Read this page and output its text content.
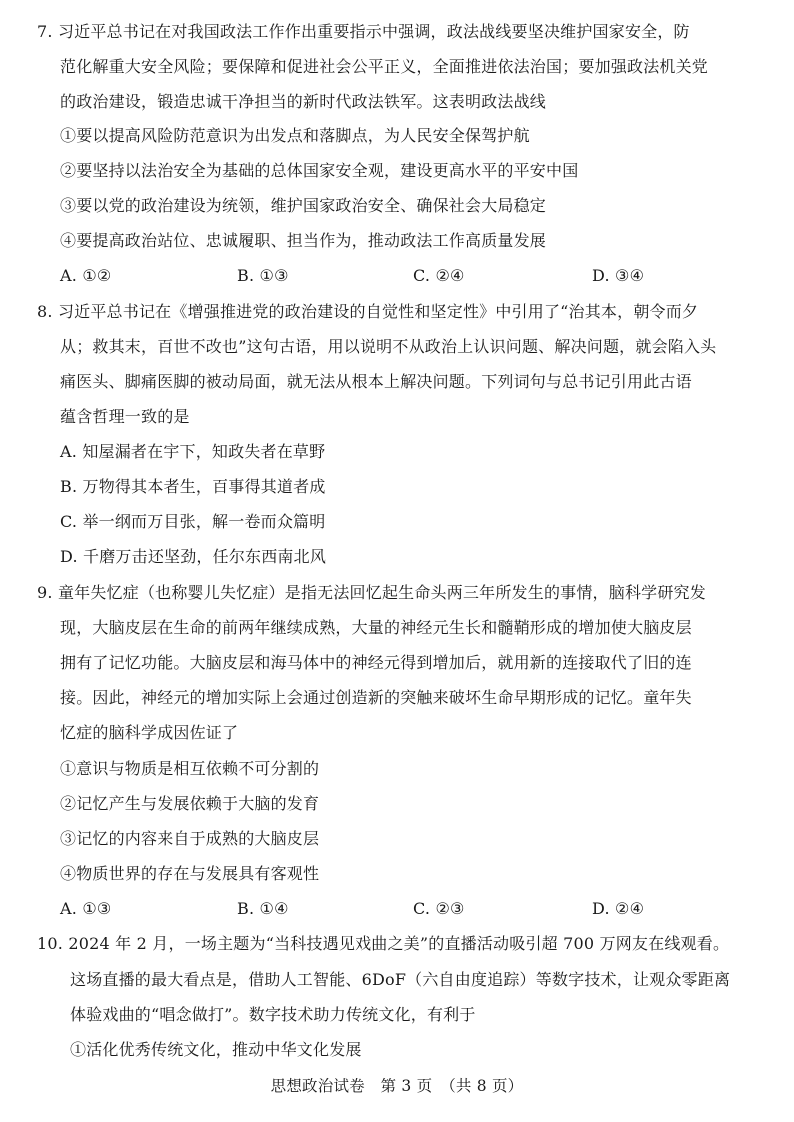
7. 习近平总书记在对我国政法工作作出重要指示中强调，政法战线要坚决维护国家安全，防

范化解重大安全风险；要保障和促进社会公平正义，全面推进依法治国；要加强政法机关党

的政治建设，锻造忠诚干净担当的新时代政法铁军。这表明政法战线

①要以提高风险防范意识为出发点和落脚点，为人民安全保驾护航

②要坚持以法治安全为基础的总体国家安全观，建设更高水平的平安中国

③要以党的政治建设为统领，维护国家政治安全、确保社会大局稳定

④要提高政治站位、忠诚履职、担当作为，推动政法工作高质量发展

A. ①②	B. ①③	C. ②④	D. ③④

8. 习近平总书记在《增强推进党的政治建设的自觉性和坚定性》中引用了“治其本，朝令而夕

从；救其末，百世不改也”这句古语，用以说明不从政治上认识问题、解决问题，就会陷入头

痛医头、脚痛医脚的被动局面，就无法从根本上解决问题。下列词句与总书记引用此古语

蕴含哲理一致的是

A. 知屋漏者在宇下，知政失者在草野

B. 万物得其本者生，百事得其道者成

C. 举一纲而万目张，解一卷而众篇明

D. 千磨万击还坚劲，任尔东西南北风

9. 童年失忆症（也称婴儿失忆症）是指无法回忆起生命头两三年所发生的事情，脑科学研究发

现，大脑皮层在生命的前两年继续成熟，大量的神经元生长和髓鞘形成的增加使大脑皮层

拥有了记忆功能。大脑皮层和海马体中的神经元得到增加后，就用新的连接取代了旧的连

接。因此，神经元的增加实际上会通过创造新的突触来破坏生命早期形成的记忆。童年失

忆症的脑科学成因佐证了

①意识与物质是相互依赖不可分割的

②记忆产生与发展依赖于大脑的发育

③记忆的内容来自于成熟的大脑皮层

④物质世界的存在与发展具有客观性

A. ①③	B. ①④	C. ②③	D. ②④

10. 2024 年 2 月，一场主题为“当科技遇见戏曲之美”的直播活动吸引超 700 万网友在线观看。

这场直播的最大看点是，借助人工智能、6DoF（六自由度追踪）等数字技术，让观众零距离

体验戏曲的“唱念做打”。数字技术助力传统文化，有利于

①活化优秀传统文化，推动中华文化发展

思想政治试卷　第 3 页　（共 8 页）
